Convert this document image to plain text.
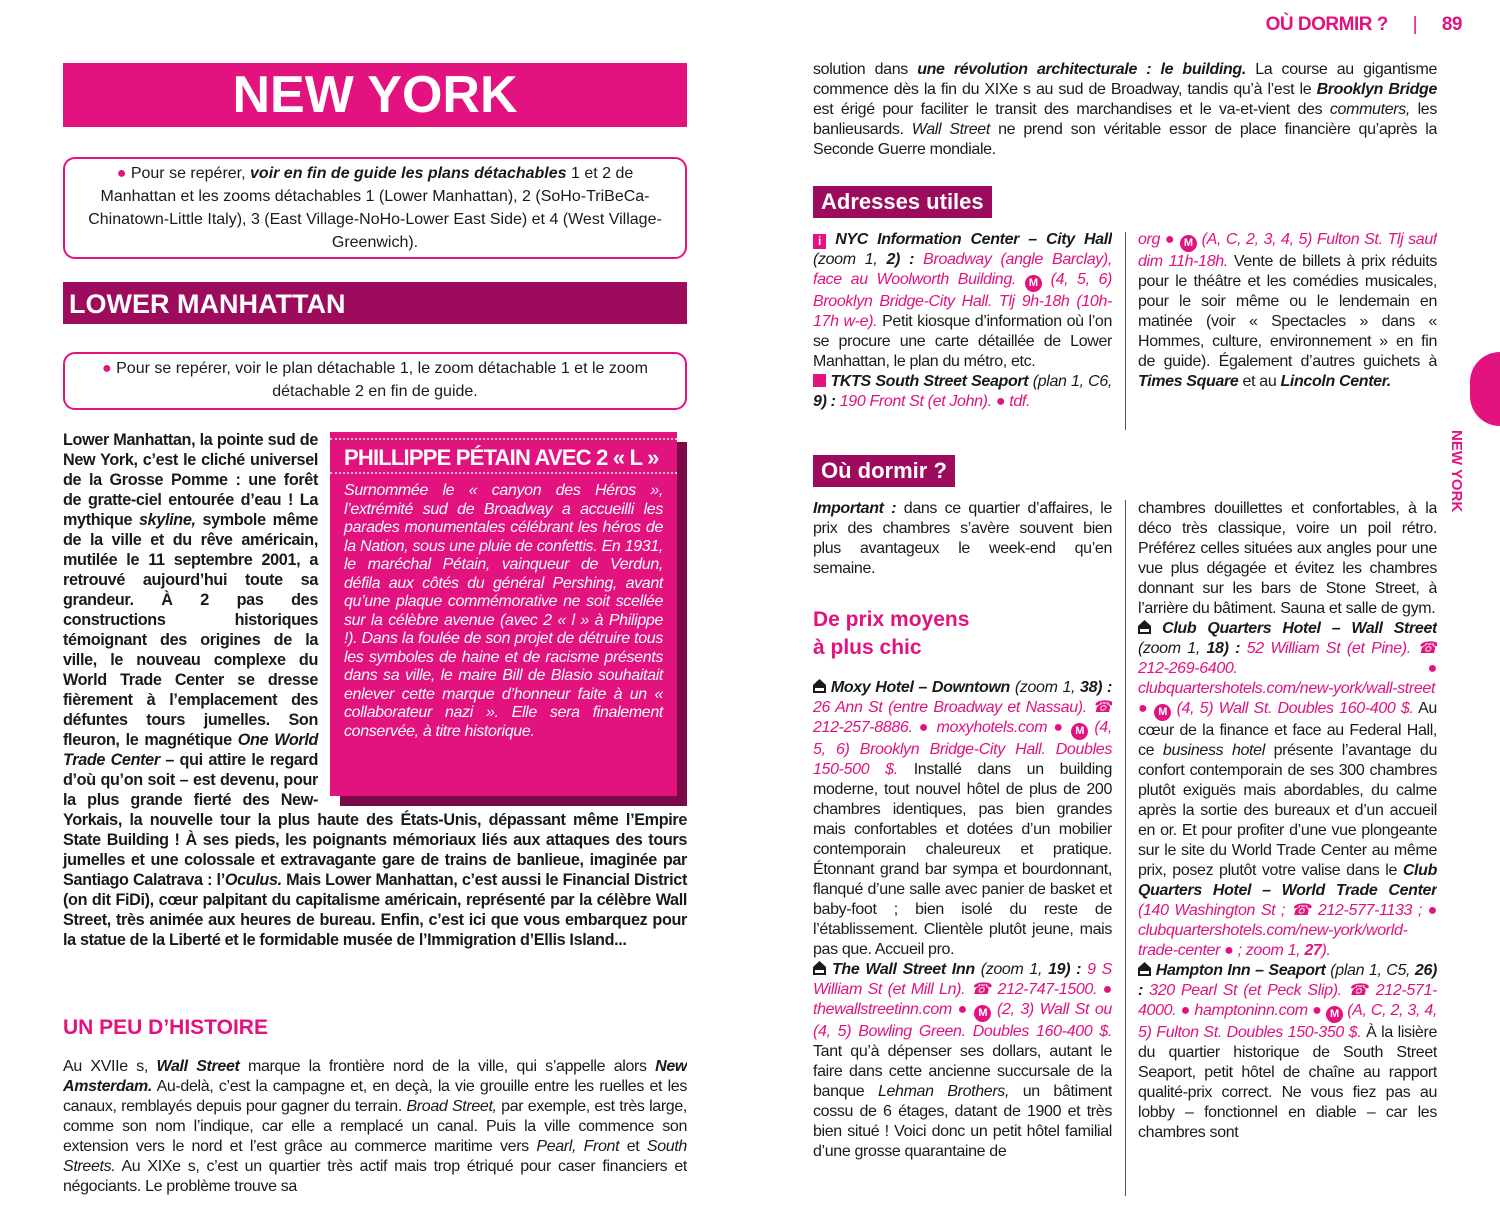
OÙ DORMIR ? | 89
NEW YORK
NEW YORK
● Pour se repérer, voir en fin de guide les plans détachables 1 et 2 de Manhattan et les zooms détachables 1 (Lower Manhattan), 2 (SoHo-TriBeCa-Chinatown-Little Italy), 3 (East Village-NoHo-Lower East Side) et 4 (West Village-Greenwich).
LOWER MANHATTAN
● Pour se repérer, voir le plan détachable 1, le zoom détachable 1 et le zoom détachable 2 en fin de guide.
PHILLIPPE PÉTAIN AVEC 2 « L »
Surnommée le « canyon des Héros », l’extrémité sud de Broadway a accueilli les parades monumentales célébrant les héros de la Nation, sous une pluie de confettis. En 1931, le maréchal Pétain, vainqueur de Verdun, défila aux côtés du général Pershing, avant qu’une plaque commémorative ne soit scellée sur la célèbre avenue (avec 2 « l » à Philippe !). Dans la foulée de son projet de détruire tous les symboles de haine et de racisme présents dans sa ville, le maire Bill de Blasio souhaitait enlever cette marque d’honneur faite à un « collaborateur nazi ». Elle sera finalement conservée, à titre historique.
Lower Manhattan, la pointe sud de New York, c’est le cliché universel de la Grosse Pomme : une forêt de gratte-ciel entourée d’eau ! La mythique skyline, symbole même de la ville et du rêve américain, mutilée le 11 septembre 2001, a retrouvé aujourd’hui toute sa grandeur. À 2 pas des constructions historiques témoignant des origines de la ville, le nouveau complexe du World Trade Center se dresse fièrement à l’emplacement des défuntes tours jumelles. Son fleuron, le magnétique One World Trade Center – qui attire le regard d’où qu’on soit – est devenu, pour la plus grande fierté des New-Yorkais, la nouvelle tour la plus haute des États-Unis, dépassant même l’Empire State Building ! À ses pieds, les poignants mémoriaux liés aux attaques des tours jumelles et une colossale et extravagante gare de trains de banlieue, imaginée par Santiago Calatrava : l’Oculus. Mais Lower Manhattan, c’est aussi le Financial District (on dit FiDi), cœur palpitant du capitalisme américain, représenté par la célèbre Wall Street, très animée aux heures de bureau. Enfin, c’est ici que vous embarquez pour la statue de la Liberté et le formidable musée de l’Immigration d’Ellis Island...
UN PEU D’HISTOIRE
Au XVIIe s, Wall Street marque la frontière nord de la ville, qui s’appelle alors New Amsterdam. Au-delà, c’est la campagne et, en deçà, la vie grouille entre les ruelles et les canaux, remblayés depuis pour gagner du terrain. Broad Street, par exemple, est très large, comme son nom l’indique, car elle a remplacé un canal. Puis la ville commence son extension vers le nord et l’est grâce au commerce maritime vers Pearl, Front et South Streets. Au XIXe s, c’est un quartier très actif mais trop étriqué pour caser financiers et négociants. Le problème trouve sa
solution dans une révolution architecturale : le building. La course au gigantisme commence dès la fin du XIXe s au sud de Broadway, tandis qu’à l’est le Brooklyn Bridge est érigé pour faciliter le transit des marchandises et le va-et-vient des commuters, les banlieusards. Wall Street ne prend son véritable essor de place financière qu’après la Seconde Guerre mondiale.
Adresses utiles
i NYC Information Center – City Hall (zoom 1, 2) : Broadway (angle Barclay), face au Woolworth Building. M (4, 5, 6) Brooklyn Bridge-City Hall. Tlj 9h-18h (10h-17h w-e). Petit kiosque d’information où l’on se procure une carte détaillée de Lower Manhattan, le plan du métro, etc.
TKTS South Street Seaport (plan 1, C6, 9) : 190 Front St (et John). ● tdf.
org ● M (A, C, 2, 3, 4, 5) Fulton St. Tlj sauf dim 11h-18h. Vente de billets à prix réduits pour le théâtre et les comédies musicales, pour le soir même ou le lendemain en matinée (voir « Spectacles » dans « Hommes, culture, environnement » en fin de guide). Également d’autres guichets à Times Square et au Lincoln Center.
Où dormir ?
Important : dans ce quartier d’affaires, le prix des chambres s’avère souvent bien plus avantageux le week-end qu’en semaine.
De prix moyens
à plus chic
Moxy Hotel – Downtown (zoom 1, 38) : 26 Ann St (entre Broadway et Nassau). ☎ 212-257-8886. ● moxyhotels.com ● M (4, 5, 6) Brooklyn Bridge-City Hall. Doubles 150-500 $. Installé dans un building moderne, tout nouvel hôtel de plus de 200 chambres identiques, pas bien grandes mais confortables et dotées d’un mobilier contemporain chaleureux et pratique. Étonnant grand bar sympa et bourdonnant, flanqué d’une salle avec panier de basket et baby-foot ; bien isolé du reste de l’établissement. Clientèle plutôt jeune, mais pas que. Accueil pro.
The Wall Street Inn (zoom 1, 19) : 9 S William St (et Mill Ln). ☎ 212-747-1500. ● thewallstreetinn.com ● M (2, 3) Wall St ou (4, 5) Bowling Green. Doubles 160-400 $. Tant qu’à dépenser ses dollars, autant le faire dans cette ancienne succursale de la banque Lehman Brothers, un bâtiment cossu de 6 étages, datant de 1900 et très bien situé ! Voici donc un petit hôtel familial d’une grosse quarantaine de
chambres douillettes et confortables, à la déco très classique, voire un poil rétro. Préférez celles situées aux angles pour une vue plus dégagée et évitez les chambres donnant sur les bars de Stone Street, à l’arrière du bâtiment. Sauna et salle de gym.
Club Quarters Hotel – Wall Street (zoom 1, 18) : 52 William St (et Pine). ☎ 212-269-6400. ● clubquartershotels.com/new-york/wall-street ● M (4, 5) Wall St. Doubles 160-400 $. Au cœur de la finance et face au Federal Hall, ce business hotel présente l’avantage du confort contemporain de ses 300 chambres plutôt exiguës mais abordables, du calme après la sortie des bureaux et d’un accueil en or. Et pour profiter d’une vue plongeante sur le site du World Trade Center au même prix, posez plutôt votre valise dans le Club Quarters Hotel – World Trade Center (140 Washington St ; ☎ 212-577-1133 ; ● clubquartershotels.com/new-york/world-trade-center ● ; zoom 1, 27).
Hampton Inn – Seaport (plan 1, C5, 26) : 320 Pearl St (et Peck Slip). ☎ 212-571-4000. ● hamptoninn.com ● M (A, C, 2, 3, 4, 5) Fulton St. Doubles 150-350 $. À la lisière du quartier historique de South Street Seaport, petit hôtel de chaîne au rapport qualité-prix correct. Ne vous fiez pas au lobby – fonctionnel en diable – car les chambres sont
